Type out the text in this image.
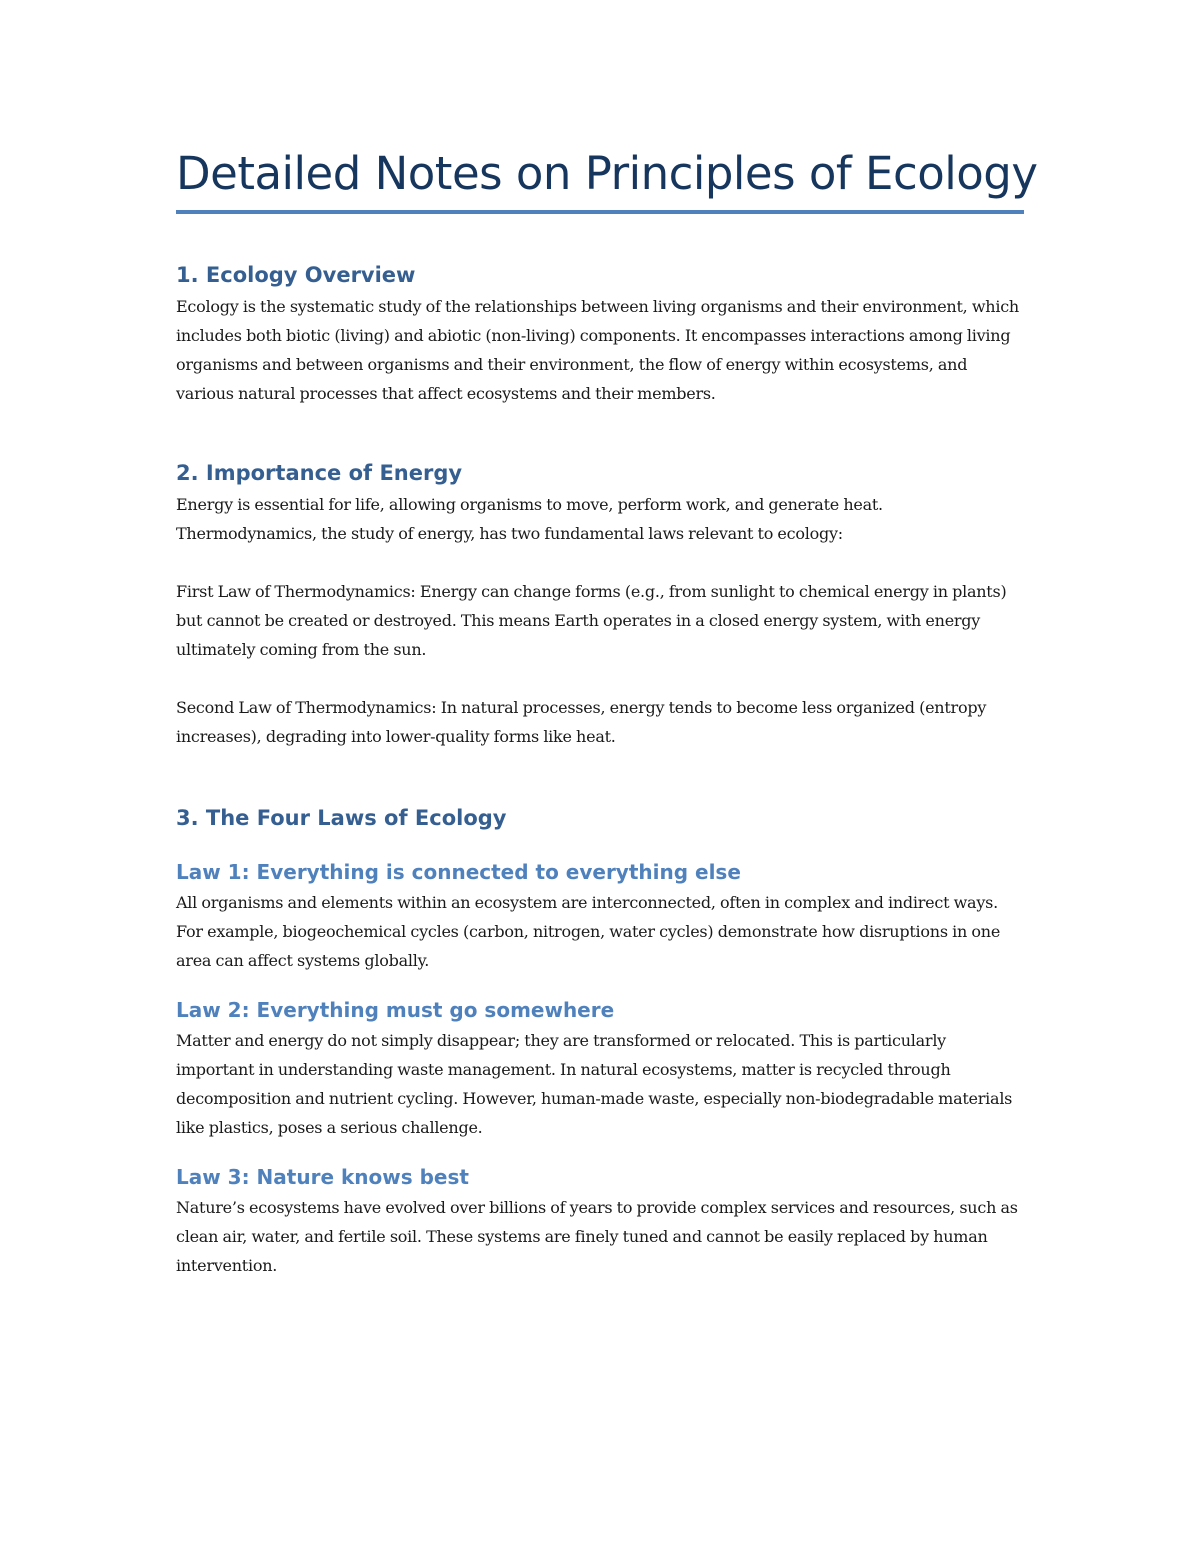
Detailed Notes on Principles of Ecology
1. Ecology Overview

Ecology is the systematic study of the relationships between living organisms and their environment, which includes both biotic (living) and abiotic (non-living) components. It encompasses interactions among living organisms and between organisms and their environment, the flow of energy within ecosystems, and various natural processes that affect ecosystems and their members.

2. Importance of Energy

Energy is essential for life, allowing organisms to move, perform work, and generate heat. Thermodynamics, the study of energy, has two fundamental laws relevant to ecology:

First Law of Thermodynamics: Energy can change forms (e.g., from sunlight to chemical energy in plants) but cannot be created or destroyed. This means Earth operates in a closed energy system, with energy ultimately coming from the sun.

Second Law of Thermodynamics: In natural processes, energy tends to become less organized (entropy increases), degrading into lower-quality forms like heat.

3. The Four Laws of Ecology
Law 1: Everything is connected to everything else

All organisms and elements within an ecosystem are interconnected, often in complex and indirect ways. For example, biogeochemical cycles (carbon, nitrogen, water cycles) demonstrate how disruptions in one area can affect systems globally.

Law 2: Everything must go somewhere

Matter and energy do not simply disappear; they are transformed or relocated. This is particularly important in understanding waste management. In natural ecosystems, matter is recycled through decomposition and nutrient cycling. However, human-made waste, especially non-biodegradable materials like plastics, poses a serious challenge.

Law 3: Nature knows best

Nature’s ecosystems have evolved over billions of years to provide complex services and resources, such as clean air, water, and fertile soil. These systems are finely tuned and cannot be easily replaced by human intervention.
